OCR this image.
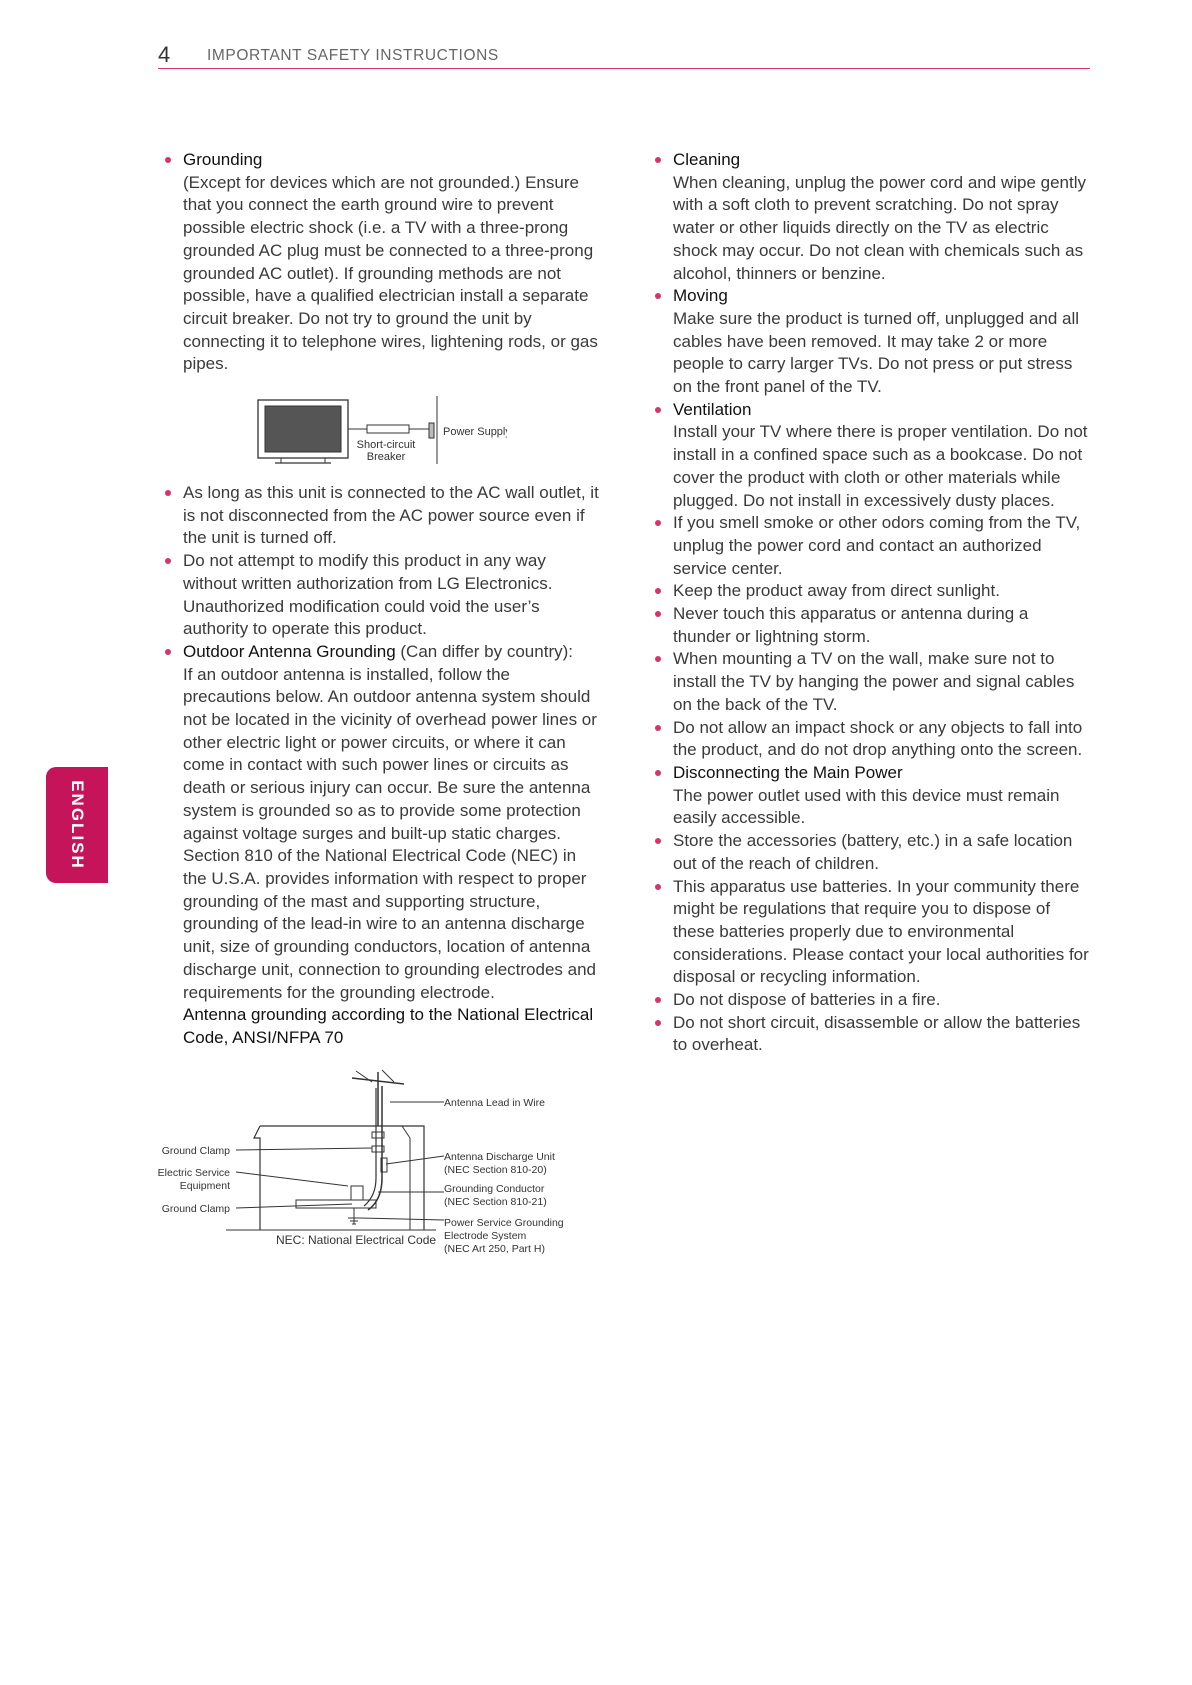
4 IMPORTANT SAFETY INSTRUCTIONS
ENGLISH
Grounding
(Except for devices which are not grounded.) Ensure that you connect the earth ground wire to prevent possible electric shock (i.e. a TV with a three-prong grounded AC plug must be connected to a three-prong grounded AC outlet). If grounding methods are not possible, have a qualified electrician install a separate circuit breaker. Do not try to ground the unit by connecting it to telephone wires, lightening rods, or gas pipes.
Power Supply
Short-circuit
Breaker
As long as this unit is connected to the AC wall outlet, it is not disconnected from the AC power source even if the unit is turned off.
Do not attempt to modify this product in any way without written authorization from LG Electronics. Unauthorized modification could void the user’s authority to operate this product.
Outdoor Antenna Grounding (Can differ by country):
If an outdoor antenna is installed, follow the precautions below. An outdoor antenna system should not be located in the vicinity of overhead power lines or other electric light or power circuits, or where it can come in contact with such power lines or circuits as death or serious injury can occur. Be sure the antenna system is grounded so as to provide some protection against voltage surges and built-up static charges. Section 810 of the National Electrical Code (NEC) in the U.S.A. provides information with respect to proper grounding of the mast and supporting structure, grounding of the lead-in wire to an antenna discharge unit, size of grounding conductors, location of antenna discharge unit, connection to grounding electrodes and requirements for the grounding electrode.
Antenna grounding according to the National Electrical Code, ANSI/NFPA 70
Antenna Lead in Wire
Ground Clamp
Electric Service
Equipment
Ground Clamp
Antenna Discharge Unit
(NEC Section 810-20)
Grounding Conductor
(NEC Section 810-21)
Power Service Grounding
Electrode System
(NEC Art 250, Part H)
NEC: National Electrical Code
Cleaning
When cleaning, unplug the power cord and wipe gently with a soft cloth to prevent scratching. Do not spray water or other liquids directly on the TV as electric shock may occur. Do not clean with chemicals such as alcohol, thinners or benzine.
Moving
Make sure the product is turned off, unplugged and all cables have been removed. It may take 2 or more people to carry larger TVs. Do not press or put stress on the front panel of the TV.
Ventilation
Install your TV where there is proper ventilation. Do not install in a confined space such as a bookcase. Do not cover the product with cloth or other materials while plugged. Do not install in excessively dusty places.
If you smell smoke or other odors coming from the TV, unplug the power cord and contact an authorized service center.
Keep the product away from direct sunlight.
Never touch this apparatus or antenna during a thunder or lightning storm.
When mounting a TV on the wall, make sure not to install the TV by hanging the power and signal cables on the back of the TV.
Do not allow an impact shock or any objects to fall into the product, and do not drop anything onto the screen.
Disconnecting the Main Power
The power outlet used with this device must remain easily accessible.
Store the accessories (battery, etc.) in a safe location out of the reach of children.
This apparatus use batteries. In your community there might be regulations that require you to dispose of these batteries properly due to environmental considerations. Please contact your local authorities for disposal or recycling information.
Do not dispose of batteries in a fire.
Do not short circuit, disassemble or allow the batteries to overheat.
